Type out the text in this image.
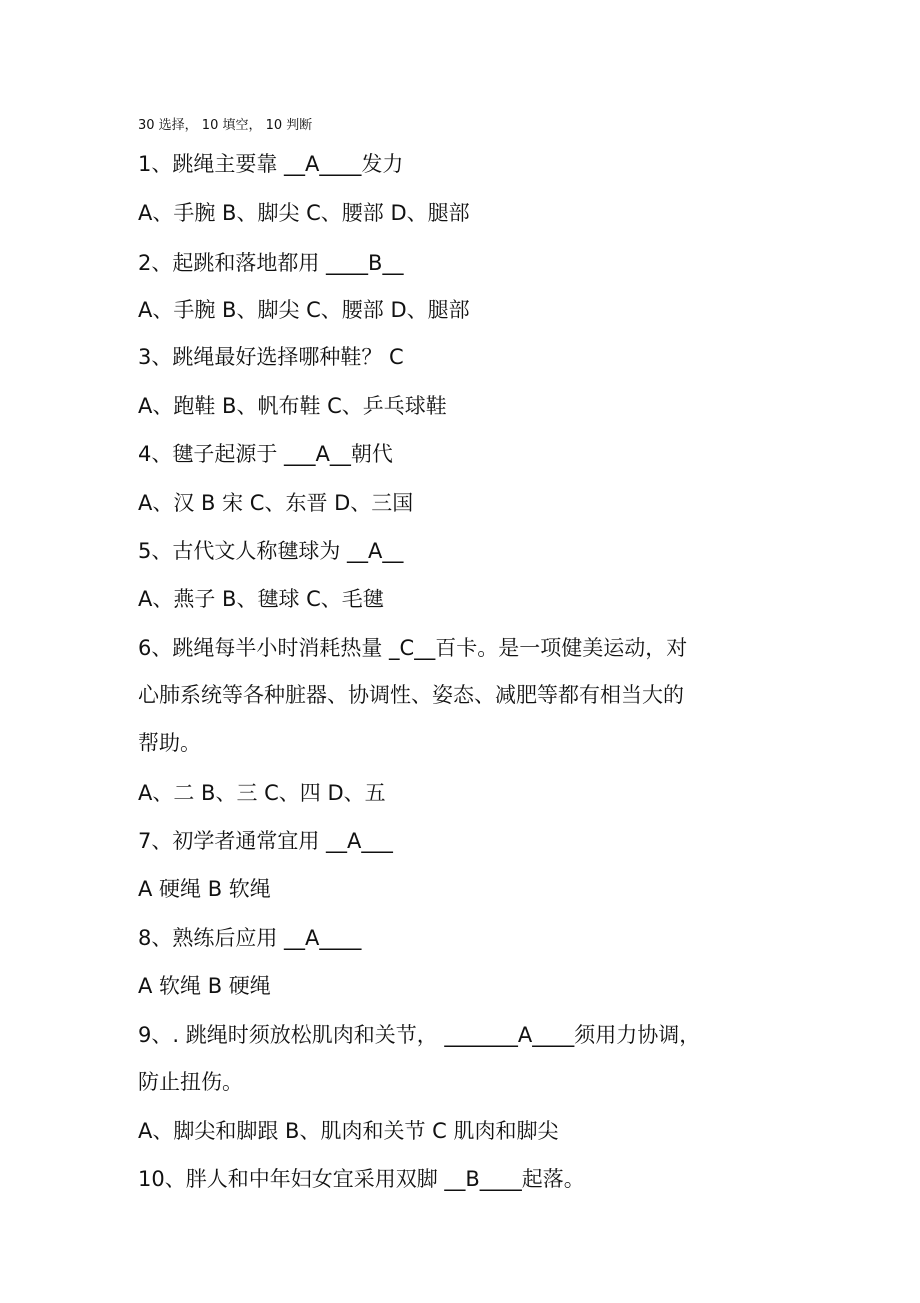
30 选择， 10 填空， 10 判断
1、跳绳主要靠 __A____发力
A、手腕 B、脚尖 C、腰部 D、腿部
2、起跳和落地都用 ____B__
A、手腕 B、脚尖 C、腰部 D、腿部
3、跳绳最好选择哪种鞋？ C
A、跑鞋 B、帆布鞋 C、乒乓球鞋
4、毽子起源于 ___A__朝代
A、汉 B 宋 C、东晋 D、三国
5、古代文人称毽球为 __A__
A、燕子 B、毽球 C、毛毽
6、跳绳每半小时消耗热量 _C__百卡。是一项健美运动，对
心肺系统等各种脏器、协调性、姿态、减肥等都有相当大的
帮助。
A、二 B、三 C、四 D、五
7、初学者通常宜用 __A___
A 硬绳 B 软绳
8、熟练后应用 __A____
A 软绳 B 硬绳
9、. 跳绳时须放松肌肉和关节， _______A____须用力协调，
防止扭伤。
A、脚尖和脚跟 B、肌肉和关节 C 肌肉和脚尖
10、胖人和中年妇女宜采用双脚 __B____起落。
